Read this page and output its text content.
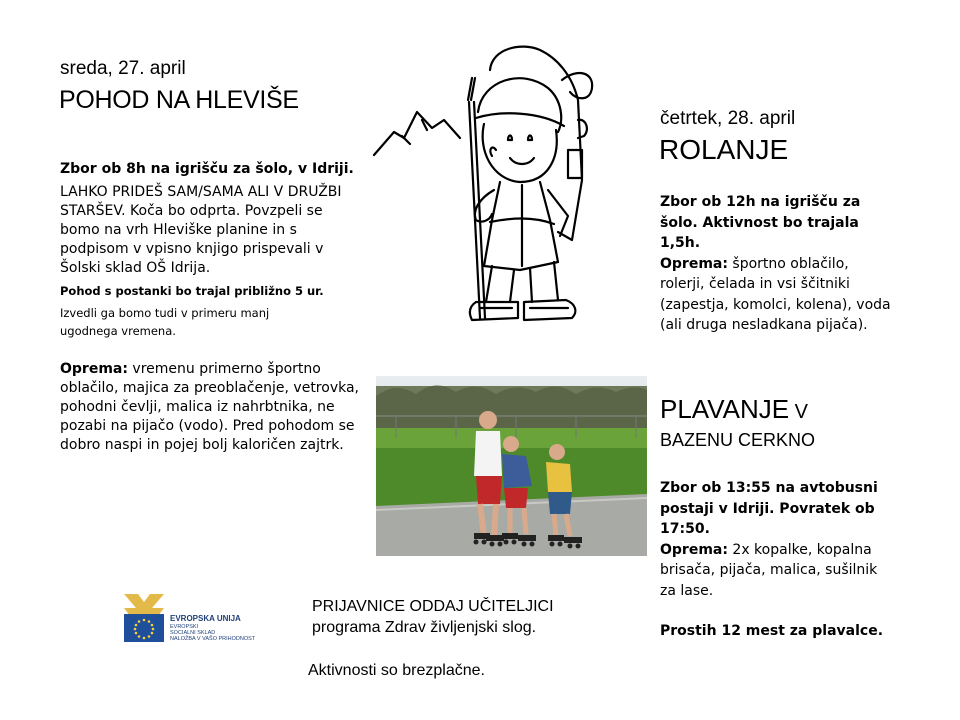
sreda, 27. april
POHOD NA HLEVIŠE

Zbor ob 8h na igrišču za šolo, v Idriji.

LAHKO PRIDEŠ SAM/SAMA ALI V DRUŽBI STARŠEV. Koča bo odprta. Povzpeli se bomo na vrh Hleviške planine in s podpisom v vpisno knjigo prispevali v Šolski sklad OŠ Idrija.

Pohod s postanki bo trajal približno 5 ur.

Izvedli ga bomo tudi v primeru manj ugodnega vremena.

Oprema: vremenu primerno športno oblačilo, majica za preoblačenje, vetrovka, pohodni čevlji, malica iz nahrbtnika, ne pozabi na pijačo (vodo). Pred pohodom se dobro naspi in pojej bolj kaloričen zajtrk.

četrtek, 28. april
ROLANJE

Zbor ob 12h na igrišču za šolo. Aktivnost bo trajala 1,5h.

Oprema: športno oblačilo, rolerji, čelada in vsi ščitniki (zapestja, komolci, kolena), voda (ali druga nesladkana pijača).

PLAVANJE V
BAZENU CERKNO

Zbor ob 13:55 na avtobusni postaji v Idriji. Povratek ob 17:50.

Oprema: 2x kopalke, kopalna brisača, pijača, malica, sušilnik za lase.

Prostih 12 mest za plavalce.

EVROPSKA UNIJA
EVROPSKI
SOCIALNI SKLAD
NALOŽBA V VAŠO PRIHODNOST
PRIJAVNICE ODDAJ UČITELJICI
programa Zdrav življenjski slog.
Aktivnosti so brezplačne.
